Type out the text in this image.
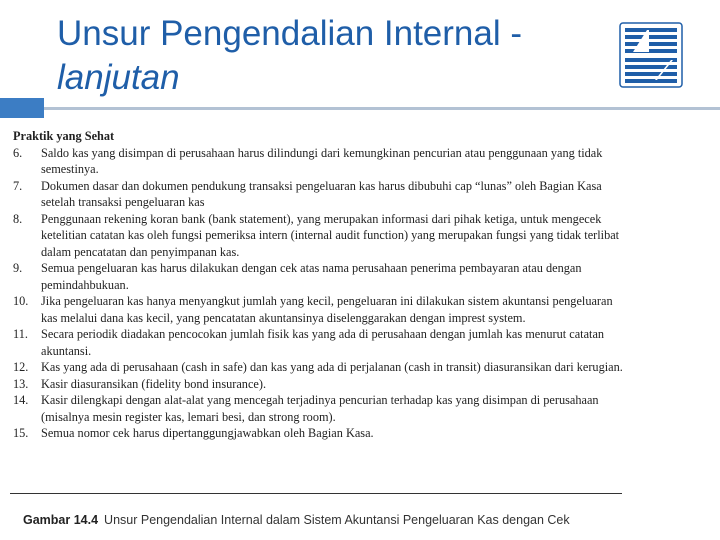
Unsur Pengendalian Internal -
lanjutan
Praktik yang Sehat
6.	Saldo kas yang disimpan di perusahaan harus dilindungi dari kemungkinan pencurian atau penggunaan yang tidak semestinya.
7.	Dokumen dasar dan dokumen pendukung transaksi pengeluaran kas harus dibubuhi cap “lunas” oleh Bagian Kasa setelah transaksi pengeluaran kas
8.	Penggunaan rekening koran bank (bank statement), yang merupakan informasi dari pihak ketiga, untuk mengecek ketelitian catatan kas oleh fungsi pemeriksa intern (internal audit function) yang merupakan fungsi yang tidak terlibat dalam pencatatan dan penyimpanan kas.
9.	Semua pengeluaran kas harus dilakukan dengan cek atas nama perusahaan penerima pembayaran atau dengan pemindahbukuan.
10.	Jika pengeluaran kas hanya menyangkut jumlah yang kecil, pengeluaran ini dilakukan sistem akuntansi pengeluaran kas melalui dana kas kecil, yang pencatatan akuntansinya diselenggarakan dengan imprest system.
11.	Secara periodik diadakan pencocokan jumlah fisik kas yang ada di perusahaan dengan jumlah kas menurut catatan akuntansi.
12.	Kas yang ada di perusahaan (cash in safe) dan kas yang ada di perjalanan (cash in transit) diasuransikan dari kerugian.
13.	Kasir diasuransikan (fidelity bond insurance).
14.	Kasir dilengkapi dengan alat-alat yang mencegah terjadinya pencurian terhadap kas yang disimpan di perusahaan (misalnya mesin register kas, lemari besi, dan strong room).
15.	Semua nomor cek harus dipertanggungjawabkan oleh Bagian Kasa.
Gambar 14.4 Unsur Pengendalian Internal dalam Sistem Akuntansi Pengeluaran Kas dengan Cek
